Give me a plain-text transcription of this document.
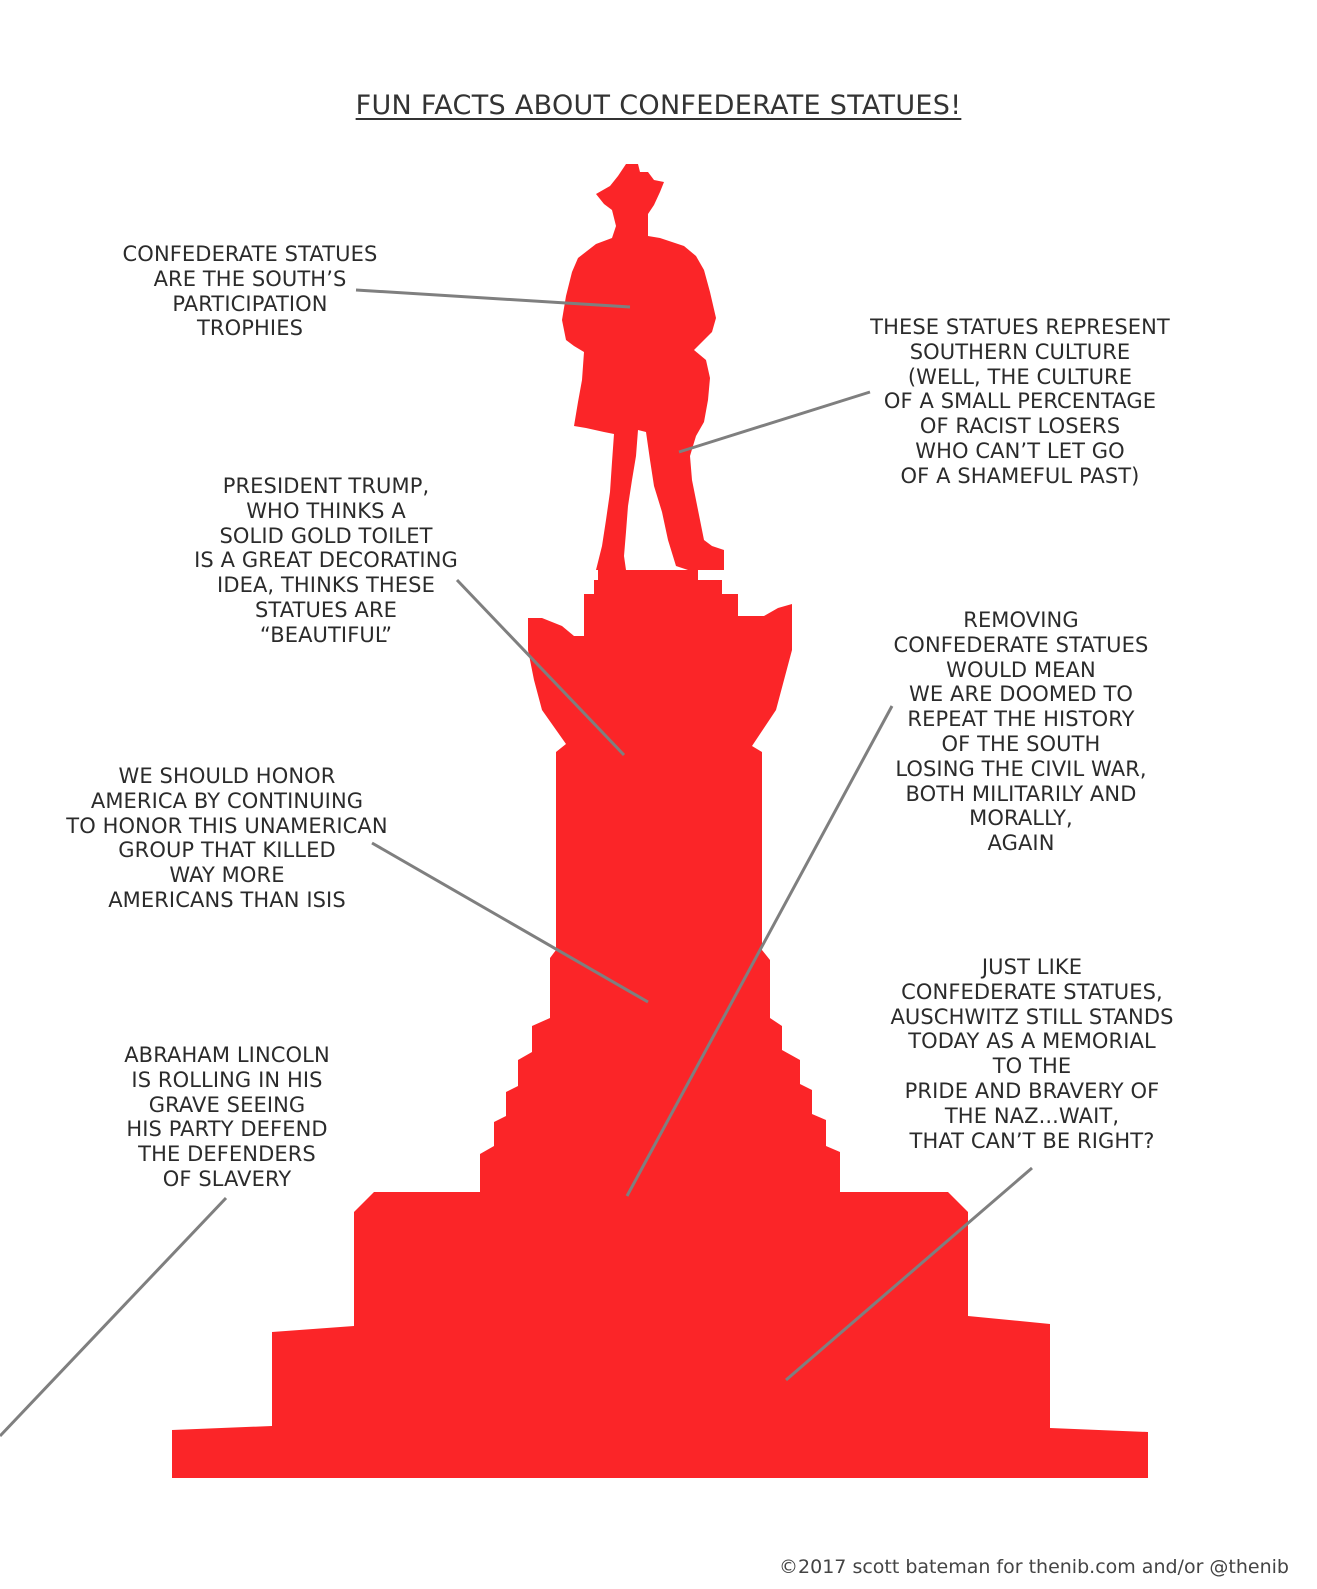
FUN FACTS ABOUT CONFEDERATE STATUES!

CONFEDERATE STATUES

ARE THE SOUTH’S

PARTICIPATION

TROPHIES	THESE STATUES REPRESENT

SOUTHERN CULTURE

(WELL, THE CULTURE

OF A SMALL PERCENTAGE

OF RACIST LOSERS

WHO CAN’T LET GO

OF A SHAMEFUL PAST)

PRESIDENT TRUMP,

WHO THINKS A

SOLID GOLD TOILET

IS A GREAT DECORATING

IDEA, THINKS THESE

STATUES ARE

“BEAUTIFUL”

REMOVING

CONFEDERATE STATUES

WOULD MEAN

WE ARE DOOMED TO

REPEAT THE HISTORY

OF THE SOUTH

LOSING THE CIVIL WAR,

BOTH MILITARILY AND

MORALLY,

AGAIN

WE SHOULD HONOR

AMERICA BY CONTINUING

TO HONOR THIS UNAMERICAN

GROUP THAT KILLED

WAY MORE

AMERICANS THAN ISIS

JUST LIKE

CONFEDERATE STATUES,

AUSCHWITZ STILL STANDS

TODAY AS A MEMORIAL

TO THE

PRIDE AND BRAVERY OF

THE NAZ...WAIT,

THAT CAN’T BE RIGHT?

ABRAHAM LINCOLN

IS ROLLING IN HIS

GRAVE SEEING

HIS PARTY DEFEND

THE DEFENDERS

OF SLAVERY

©2017 scott bateman for thenib.com and/or @thenib
